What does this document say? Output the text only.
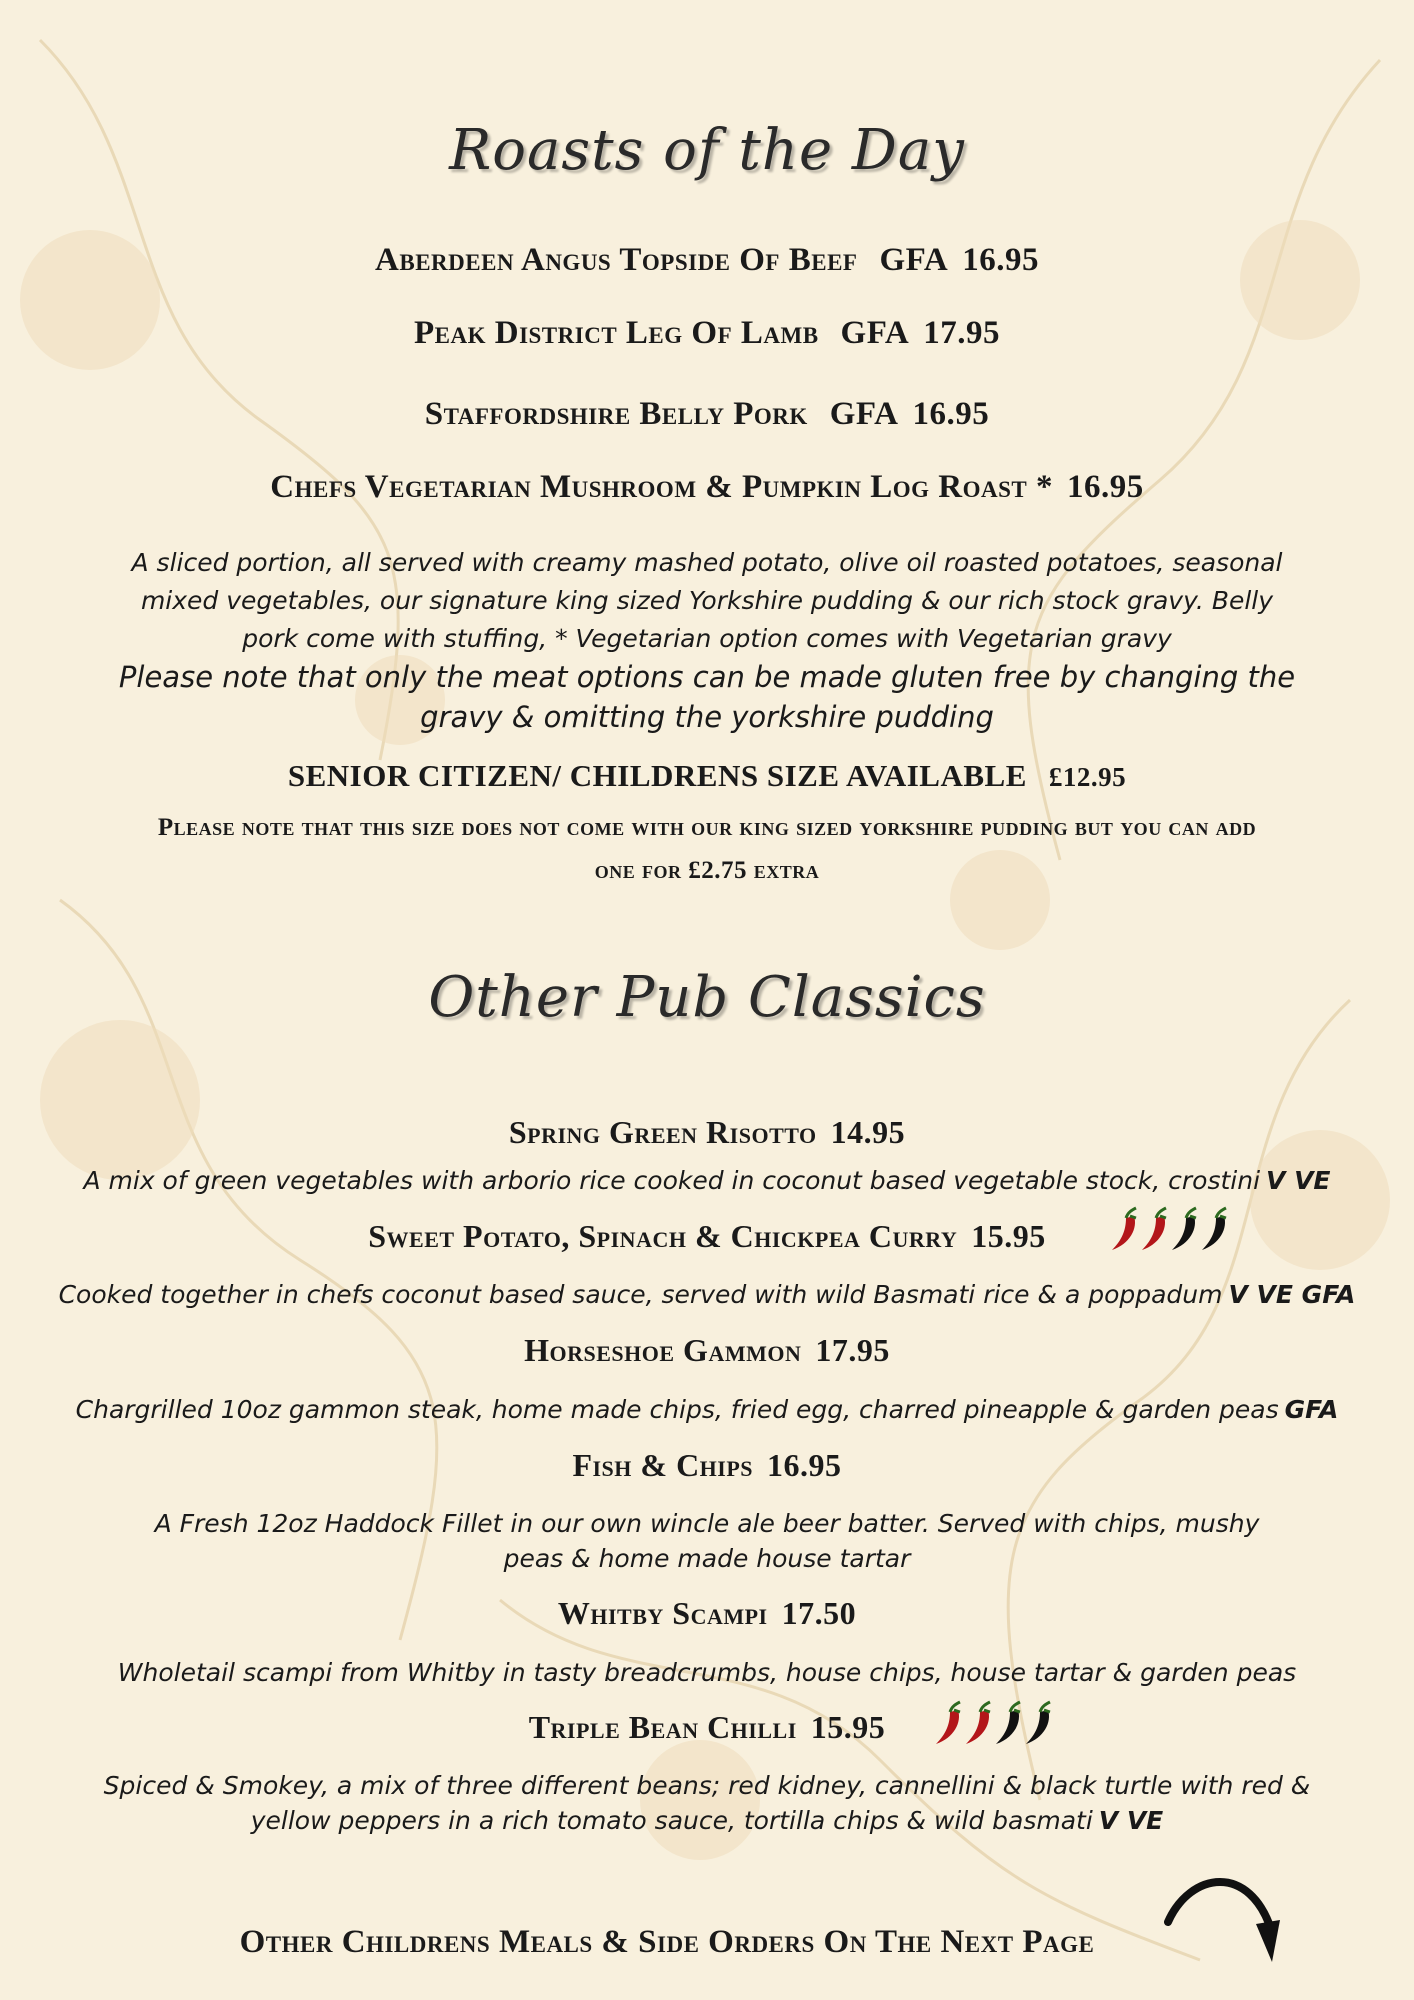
Roasts of the Day
Aberdeen Angus Topside Of Beef GFA 16.95
Peak District Leg Of Lamb GFA 17.95
Staffordshire Belly Pork GFA 16.95
Chefs Vegetarian Mushroom & Pumpkin Log Roast * 16.95
A sliced portion, all served with creamy mashed potato, olive oil roasted potatoes, seasonal
mixed vegetables, our signature king sized Yorkshire pudding & our rich stock gravy. Belly
pork come with stuffing, * Vegetarian option comes with Vegetarian gravy
Please note that only the meat options can be made gluten free by changing the
gravy & omitting the yorkshire pudding
SENIOR CITIZEN/ CHILDRENS SIZE AVAILABLE £12.95
Please note that this size does not come with our king sized yorkshire pudding but you can add
one for £2.75 extra
Other Pub Classics
Spring Green Risotto 14.95
A mix of green vegetables with arborio rice cooked in coconut based vegetable stock, crostini V VE
Sweet Potato, Spinach & Chickpea Curry 15.95
Cooked together in chefs coconut based sauce, served with wild Basmati rice & a poppadum V VE GFA
Horseshoe Gammon 17.95
Chargrilled 10oz gammon steak, home made chips, fried egg, charred pineapple & garden peas GFA
Fish & Chips 16.95
A Fresh 12oz Haddock Fillet in our own wincle ale beer batter. Served with chips, mushy
peas & home made house tartar
Whitby Scampi 17.50
Wholetail scampi from Whitby in tasty breadcrumbs, house chips, house tartar & garden peas
Triple Bean Chilli 15.95
Spiced & Smokey, a mix of three different beans; red kidney, cannellini & black turtle with red &
yellow peppers in a rich tomato sauce, tortilla chips & wild basmati V VE
Other Childrens Meals & Side Orders On The Next Page
